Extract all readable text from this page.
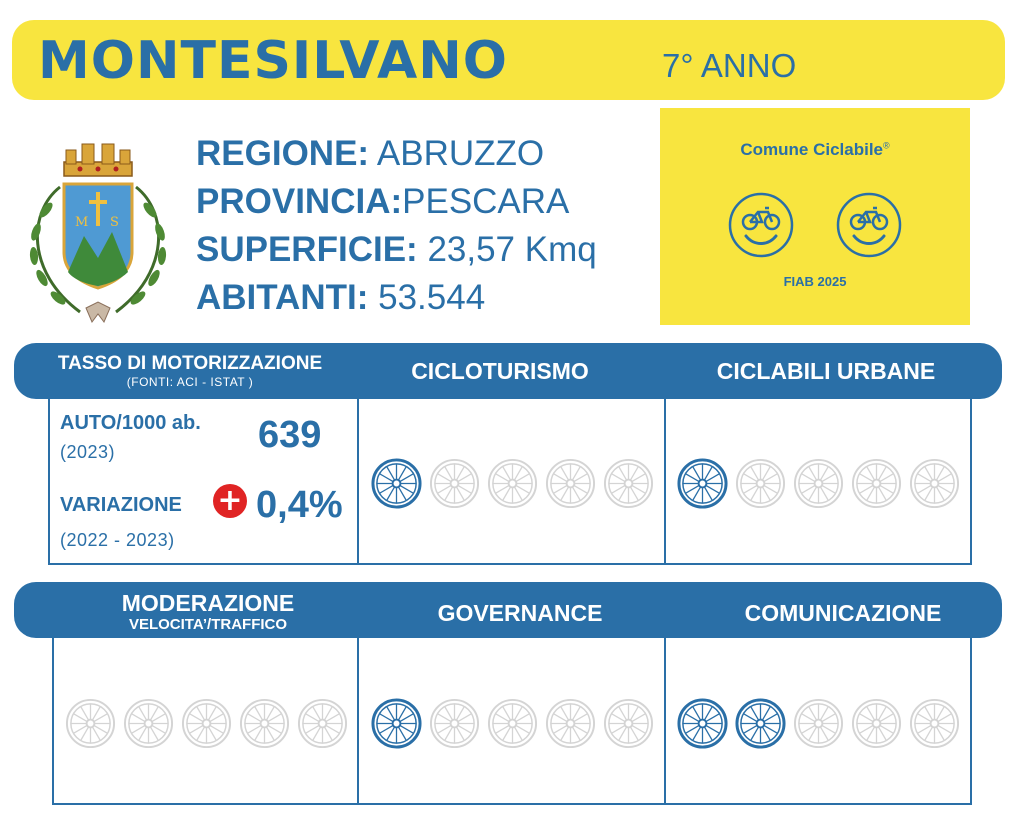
MONTESILVANO	7° ANNO
M S
REGIONE: ABRUZZO
PROVINCIA:PESCARA
SUPERFICIE: 23,57 Kmq
ABITANTI: 53.544
Comune Ciclabile®
FIAB 2025
TASSO DI MOTORIZZAZIONE
(FONTI: ACI - ISTAT )	CICLOTURISMO	CICLABILI URBANE
AUTO/1000 ab.
(2023)	639
VARIAZIONE + 0,4%
(2022 - 2023)
MODERAZIONE
VELOCITA’/TRAFFICO	GOVERNANCE	COMUNICAZIONE
